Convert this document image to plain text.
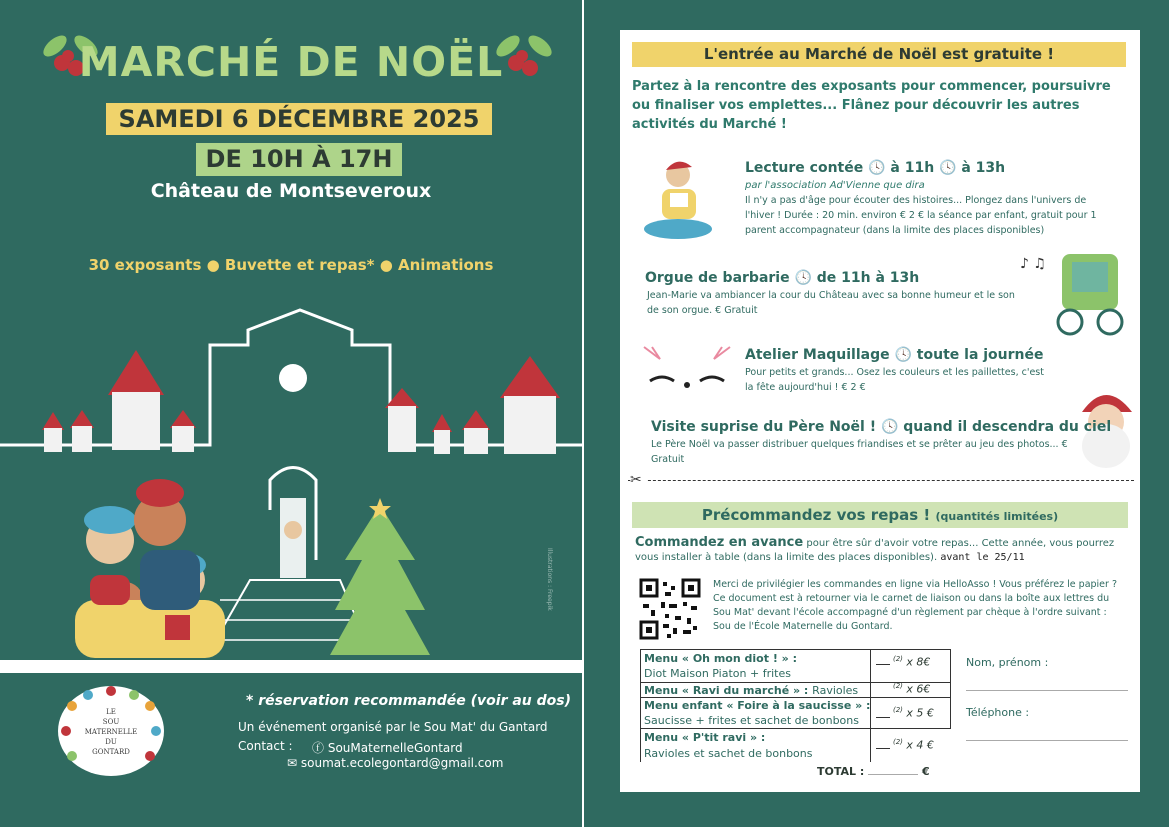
MARCHÉ DE NOËL
SAMEDI 6 DÉCEMBRE 2025
DE 10H À 17H
Château de Montseveroux
30 exposants ● Buvette et repas* ● Animations
Illustrations : Freepik
LE
SOU
MATERNELLE
DU
GONTARD
* réservation recommandée (voir au dos)
Un événement organisé par le Sou Mat' du Gantard
Contact : ⓕ SouMaternelleGontard
✉ soumat.ecolegontard@gmail.com
L'entrée au Marché de Noël est gratuite !
Partez à la rencontre des exposants pour commencer, poursuivre ou finaliser vos emplettes... Flânez pour découvrir les autres activités du Marché !
♪ ♫
Lecture contée 🕓 à 11h 🕓 à 13h
par l'association Ad'Vienne que dira
Il n'y a pas d'âge pour écouter des histoires... Plongez dans l'univers de l'hiver ! Durée : 20 min. environ € 2 € la séance par enfant, gratuit pour 1 parent accompagnateur (dans la limite des places disponibles)
Orgue de barbarie 🕓 de 11h à 13h
Jean-Marie va ambiancer la cour du Château avec sa bonne humeur et le son de son orgue. € Gratuit
Atelier Maquillage 🕓 toute la journée
Pour petits et grands... Osez les couleurs et les paillettes, c'est la fête aujourd'hui ! € 2 €
Visite suprise du Père Noël ! 🕓 quand il descendra du ciel
Le Père Noël va passer distribuer quelques friandises et se prêter au jeu des photos... € Gratuit
✂
Précommandez vos repas ! (quantités limitées)
Commandez en avance pour être sûr d'avoir votre repas... Cette année, vous pourrez vous installer à table (dans la limite des places disponibles). avant le 25/11
Merci de privilégier les commandes en ligne via HelloAsso ! Vous préférez le papier ? Ce document est à retourner via le carnet de liaison ou dans la boîte aux lettres du Sou Mat' devant l'école accompagné d'un règlement par chèque à l'ordre suivant : Sou de l'École Maternelle du Gontard.
Menu « Oh mon diot ! » :
Diot Maison Piaton + frites
$^{(2)}$ x 8€
Menu « Ravi du marché » : Ravioles	$^{(2)}$ x 6€
Menu enfant « Foire à la saucisse » :
Saucisse + frites et sachet de bonbons
$^{(2)}$ x 5 €
Menu « P'tit ravi » :
Ravioles et sachet de bonbons
$^{(2)}$ x 4 €
Nom, prénom :
Téléphone :
TOTAL :	€
